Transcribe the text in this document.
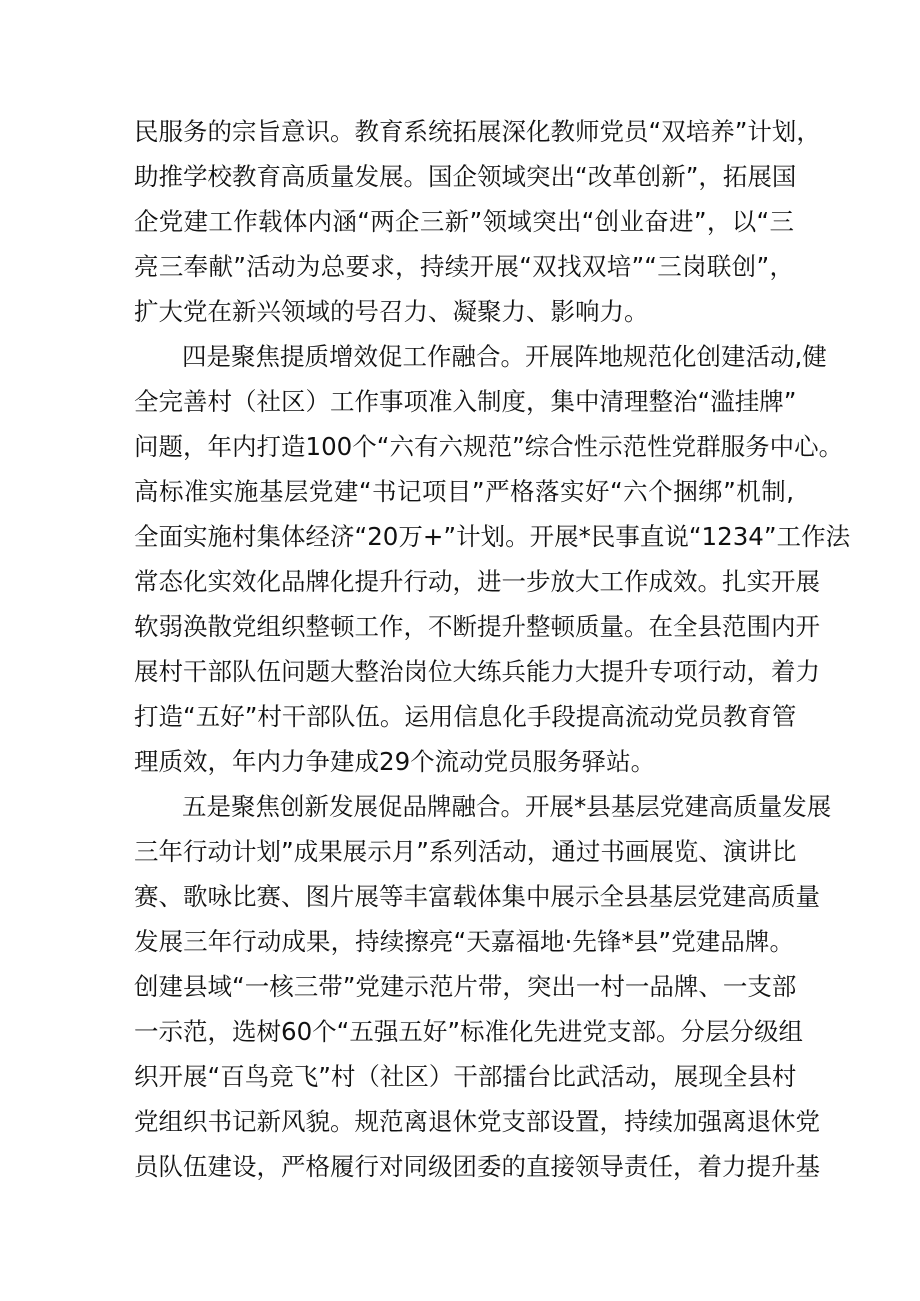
民服务的宗旨意识。教育系统拓展深化教师党员“双培养”计划，
助推学校教育高质量发展。国企领域突出“改革创新”，拓展国
企党建工作载体内涵“两企三新”领域突出“创业奋进”，以“三
亮三奉献”活动为总要求，持续开展“双找双培”“三岗联创”，
扩大党在新兴领域的号召力、凝聚力、影响力。
四是聚焦提质增效促工作融合。开展阵地规范化创建活动,健
全完善村（社区）工作事项准入制度，集中清理整治“滥挂牌”
问题，年内打造100个“六有六规范”综合性示范性党群服务中心。
高标准实施基层党建“书记项目”严格落实好“六个捆绑”机制,
全面实施村集体经济“20万+”计划。开展*民事直说“1234”工作法
常态化实效化品牌化提升行动，进一步放大工作成效。扎实开展
软弱涣散党组织整顿工作，不断提升整顿质量。在全县范围内开
展村干部队伍问题大整治岗位大练兵能力大提升专项行动，着力
打造“五好”村干部队伍。运用信息化手段提高流动党员教育管
理质效，年内力争建成29个流动党员服务驿站。
五是聚焦创新发展促品牌融合。开展*县基层党建高质量发展
三年行动计划”成果展示月”系列活动，通过书画展览、演讲比
赛、歌咏比赛、图片展等丰富载体集中展示全县基层党建高质量
发展三年行动成果，持续擦亮“天嘉福地·先锋*县”党建品牌。
创建县域“一核三带”党建示范片带，突出一村一品牌、一支部
一示范，选树60个“五强五好”标准化先进党支部。分层分级组
织开展“百鸟竞飞”村（社区）干部擂台比武活动，展现全县村
党组织书记新风貌。规范离退休党支部设置，持续加强离退休党
员队伍建设，严格履行对同级团委的直接领导责任，着力提升基
